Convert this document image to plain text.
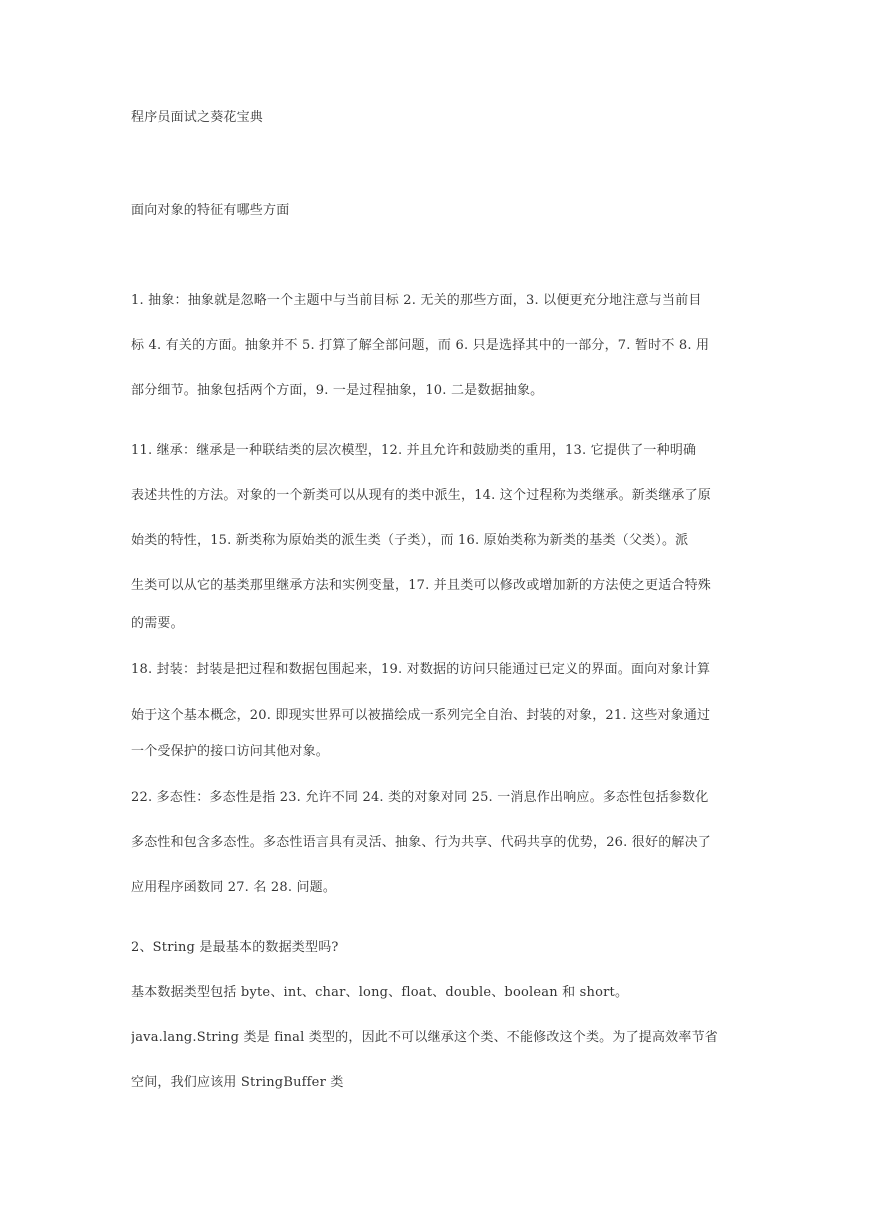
程序员面试之葵花宝典
面向对象的特征有哪些方面
1. 抽象：抽象就是忽略一个主题中与当前目标 2. 无关的那些方面，3. 以便更充分地注意与当前目
标 4. 有关的方面。抽象并不 5. 打算了解全部问题，而 6. 只是选择其中的一部分，7. 暂时不 8. 用
部分细节。抽象包括两个方面，9. 一是过程抽象，10. 二是数据抽象。
11. 继承：继承是一种联结类的层次模型，12. 并且允许和鼓励类的重用，13. 它提供了一种明确
表述共性的方法。对象的一个新类可以从现有的类中派生，14. 这个过程称为类继承。新类继承了原
始类的特性，15. 新类称为原始类的派生类（子类），而 16. 原始类称为新类的基类（父类）。派
生类可以从它的基类那里继承方法和实例变量，17. 并且类可以修改或增加新的方法使之更适合特殊
的需要。
18. 封装：封装是把过程和数据包围起来，19. 对数据的访问只能通过已定义的界面。面向对象计算
始于这个基本概念，20. 即现实世界可以被描绘成一系列完全自治、封装的对象，21. 这些对象通过
一个受保护的接口访问其他对象。
22. 多态性：多态性是指 23. 允许不同 24. 类的对象对同 25. 一消息作出响应。多态性包括参数化
多态性和包含多态性。多态性语言具有灵活、抽象、行为共享、代码共享的优势，26. 很好的解决了
应用程序函数同 27. 名 28. 问题。
2、String 是最基本的数据类型吗?
基本数据类型包括 byte、int、char、long、float、double、boolean 和 short。
java.lang.String 类是 final 类型的，因此不可以继承这个类、不能修改这个类。为了提高效率节省
空间，我们应该用 StringBuffer 类
